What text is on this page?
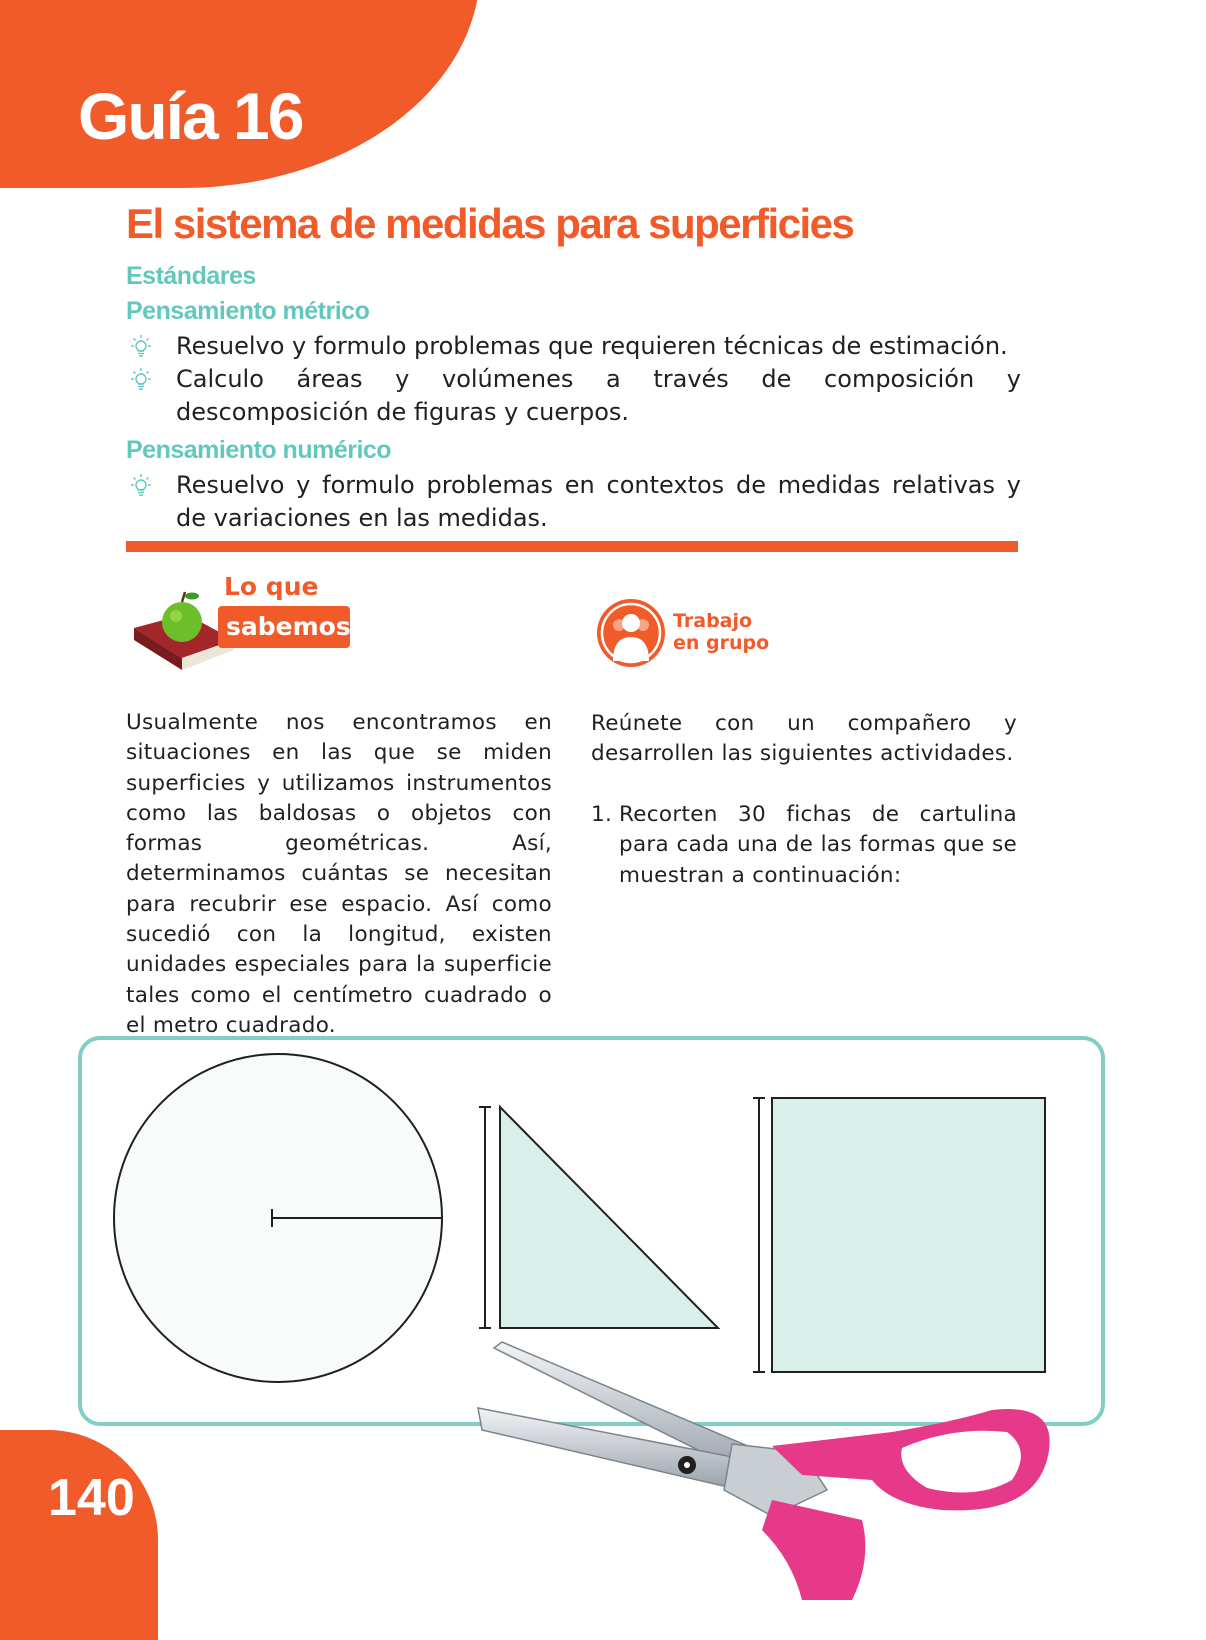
Guía 16
El sistema de medidas para superficies
Estándares
Pensamiento métrico
Resuelvo y formulo problemas que requieren técnicas de estimación.
Calculo áreas y volúmenes a través de composición y descomposición de figuras y cuerpos.
Pensamiento numérico
Resuelvo y formulo problemas en contextos de medidas relativas y de variaciones en las medidas.
Lo que
sabemos
Usualmente nos encontramos en situaciones en las que se miden superficies y utilizamos instrumentos como las baldosas o objetos con formas geométricas. Así, determinamos cuántas se necesitan para recubrir ese espacio. Así como sucedió con la longitud, existen unidades especiales para la superficie tales como el centímetro cuadrado o el metro cuadrado.
Trabajo
en grupo
Reúnete con un compañero y desarrollen las siguientes actividades.
1. Recorten 30 fichas de cartulina para cada una de las formas que se muestran a continuación:

140
